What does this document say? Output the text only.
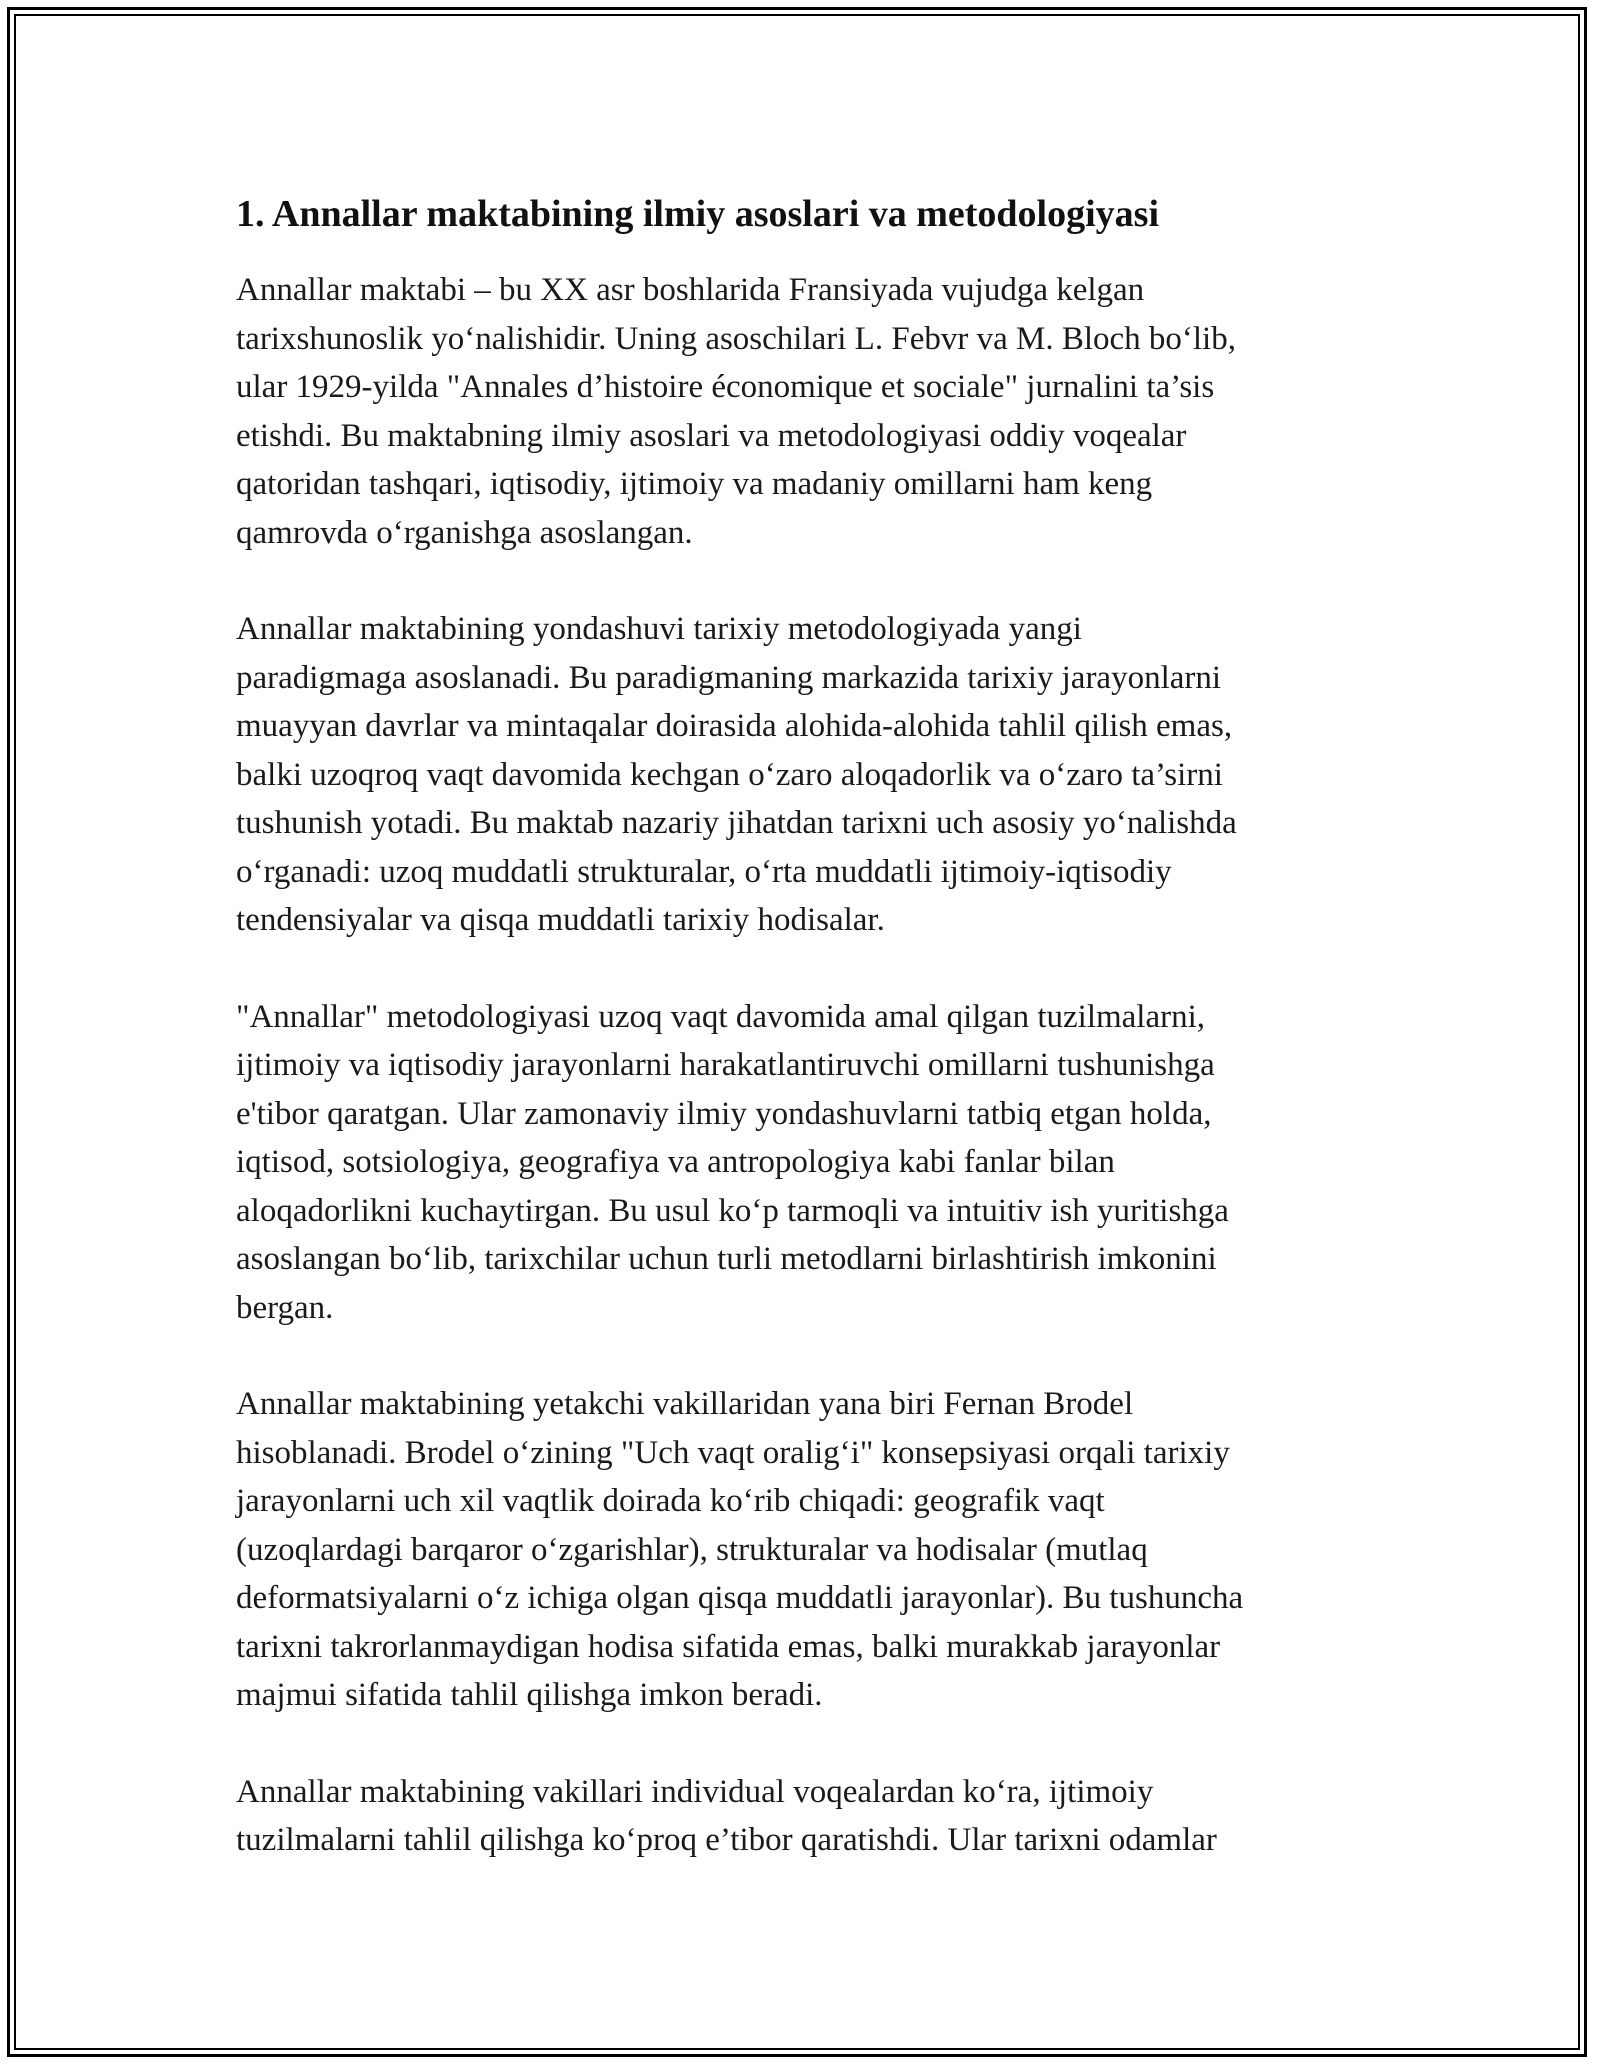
1. Annallar maktabining ilmiy asoslari va metodologiyasi

Annallar maktabi – bu XX asr boshlarida Fransiyada vujudga kelgan
tarixshunoslik yoʻnalishidir. Uning asoschilari L. Febvr va M. Bloch boʻlib,
ular 1929-yilda "Annales d’histoire économique et sociale" jurnalini ta’sis
etishdi. Bu maktabning ilmiy asoslari va metodologiyasi oddiy voqealar
qatoridan tashqari, iqtisodiy, ijtimoiy va madaniy omillarni ham keng
qamrovda oʻrganishga asoslangan.

Annallar maktabining yondashuvi tarixiy metodologiyada yangi
paradigmaga asoslanadi. Bu paradigmaning markazida tarixiy jarayonlarni
muayyan davrlar va mintaqalar doirasida alohida-alohida tahlil qilish emas,
balki uzoqroq vaqt davomida kechgan oʻzaro aloqadorlik va oʻzaro ta’sirni
tushunish yotadi. Bu maktab nazariy jihatdan tarixni uch asosiy yoʻnalishda
oʻrganadi: uzoq muddatli strukturalar, oʻrta muddatli ijtimoiy-iqtisodiy
tendensiyalar va qisqa muddatli tarixiy hodisalar.

"Annallar" metodologiyasi uzoq vaqt davomida amal qilgan tuzilmalarni,
ijtimoiy va iqtisodiy jarayonlarni harakatlantiruvchi omillarni tushunishga
e'tibor qaratgan. Ular zamonaviy ilmiy yondashuvlarni tatbiq etgan holda,
iqtisod, sotsiologiya, geografiya va antropologiya kabi fanlar bilan
aloqadorlikni kuchaytirgan. Bu usul koʻp tarmoqli va intuitiv ish yuritishga
asoslangan boʻlib, tarixchilar uchun turli metodlarni birlashtirish imkonini
bergan.

Annallar maktabining yetakchi vakillaridan yana biri Fernan Brodel
hisoblanadi. Brodel oʻzining "Uch vaqt oraligʻi" konsepsiyasi orqali tarixiy
jarayonlarni uch xil vaqtlik doirada koʻrib chiqadi: geografik vaqt
(uzoqlardagi barqaror oʻzgarishlar), strukturalar va hodisalar (mutlaq
deformatsiyalarni oʻz ichiga olgan qisqa muddatli jarayonlar). Bu tushuncha
tarixni takrorlanmaydigan hodisa sifatida emas, balki murakkab jarayonlar
majmui sifatida tahlil qilishga imkon beradi.

Annallar maktabining vakillari individual voqealardan koʻra, ijtimoiy
tuzilmalarni tahlil qilishga koʻproq e’tibor qaratishdi. Ular tarixni odamlar
